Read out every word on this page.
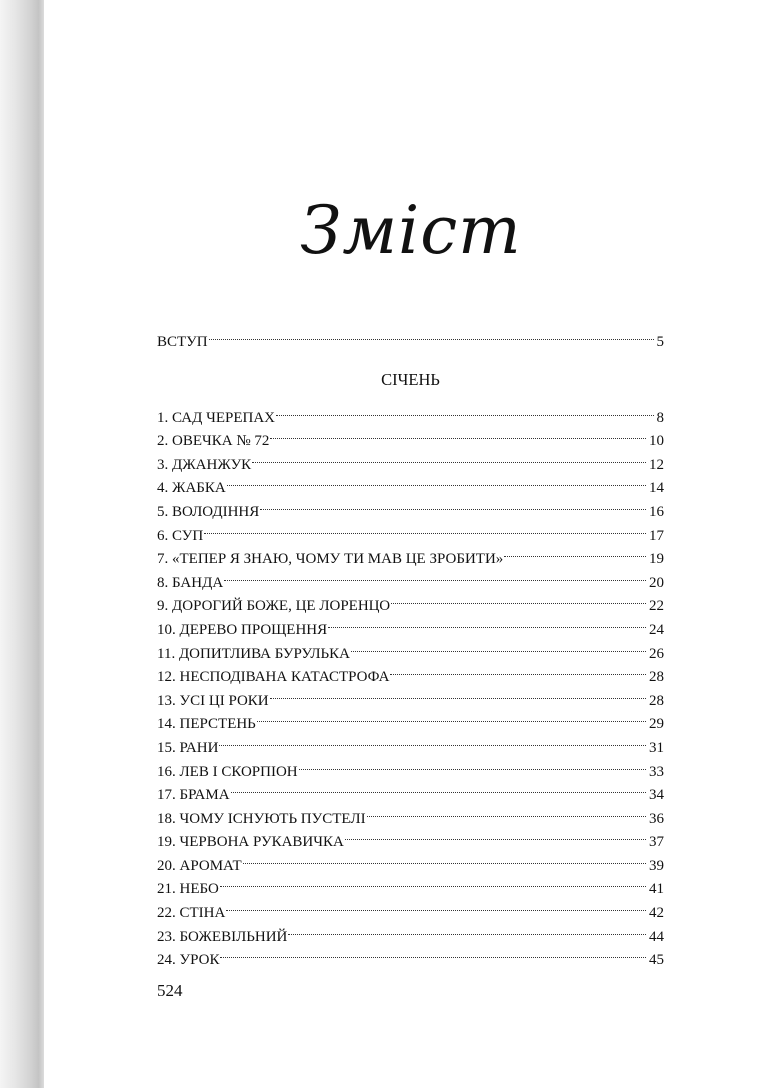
Зміст
ВСТУП	5
СІЧЕНЬ
1. САД ЧЕРЕПАХ	8
2. ОВЕЧКА № 72	10
3. ДЖАНЖУК	12
4. ЖАБКА	14
5. ВОЛОДІННЯ	16
6. СУП	17
7. «ТЕПЕР Я ЗНАЮ, ЧОМУ ТИ МАВ ЦЕ ЗРОБИТИ»	19
8. БАНДА	20
9. ДОРОГИЙ БОЖЕ, ЦЕ ЛОРЕНЦО	22
10. ДЕРЕВО ПРОЩЕННЯ	24
11. ДОПИТЛИВА БУРУЛЬКА	26
12. НЕСПОДІВАНА КАТАСТРОФА	28
13. УСІ ЦІ РОКИ	28
14. ПЕРСТЕНЬ	29
15. РАНИ	31
16. ЛЕВ І СКОРПІОН	33
17. БРАМА	34
18. ЧОМУ ІСНУЮТЬ ПУСТЕЛІ	36
19. ЧЕРВОНА РУКАВИЧКА	37
20. АРОМАТ	39
21. НЕБО	41
22. СТІНА	42
23. БОЖЕВІЛЬНИЙ	44
24. УРОК	45
524
